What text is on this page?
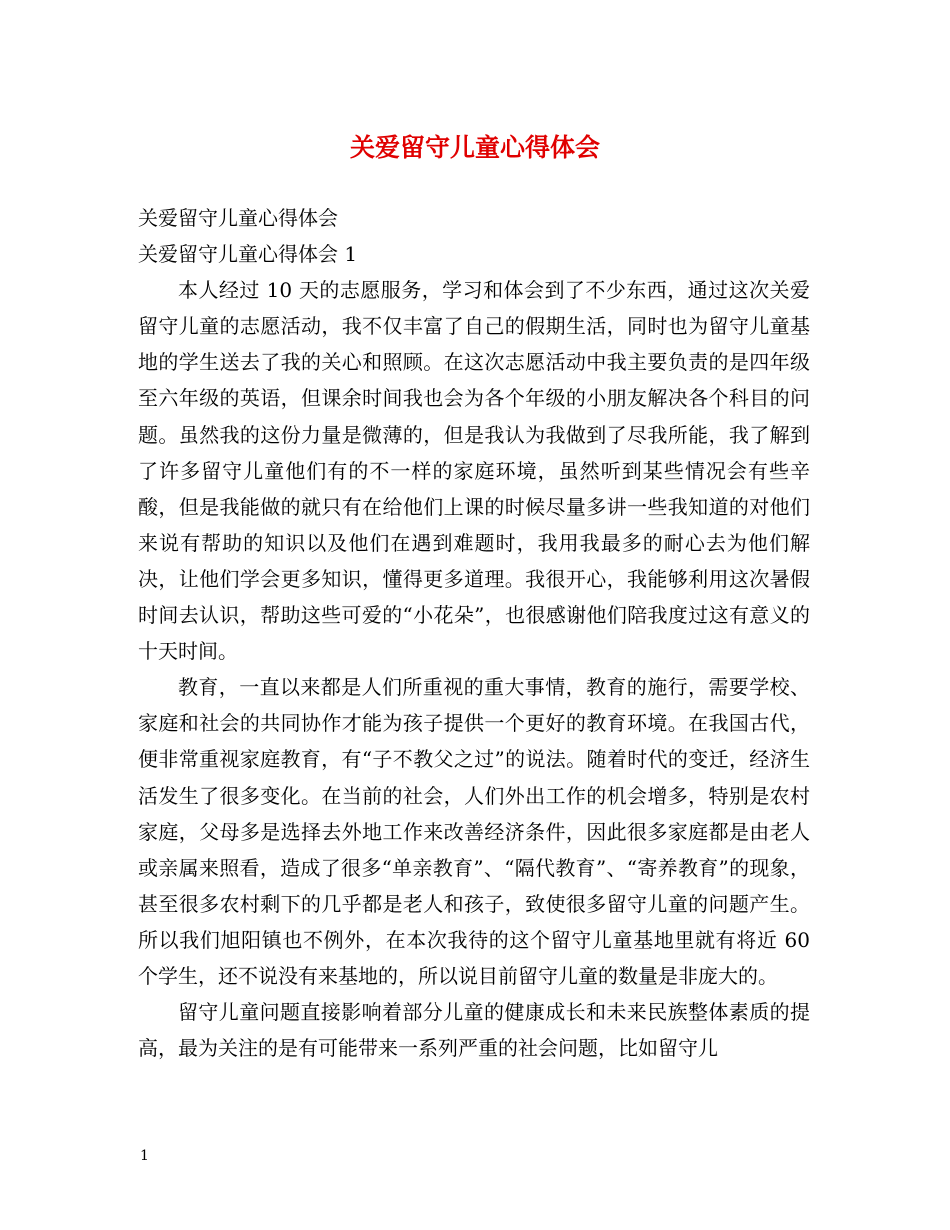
关爱留守儿童心得体会

关爱留守儿童心得体会

关爱留守儿童心得体会 1

本人经过 10 天的志愿服务，学习和体会到了不少东西，通过这次关爱留守儿童的志愿活动，我不仅丰富了自己的假期生活，同时也为留守儿童基地的学生送去了我的关心和照顾。在这次志愿活动中我主要负责的是四年级至六年级的英语，但课余时间我也会为各个年级的小朋友解决各个科目的问题。虽然我的这份力量是微薄的，但是我认为我做到了尽我所能，我了解到了许多留守儿童他们有的不一样的家庭环境，虽然听到某些情况会有些辛酸，但是我能做的就只有在给他们上课的时候尽量多讲一些我知道的对他们来说有帮助的知识以及他们在遇到难题时，我用我最多的耐心去为他们解决，让他们学会更多知识，懂得更多道理。我很开心，我能够利用这次暑假时间去认识，帮助这些可爱的“小花朵”，也很感谢他们陪我度过这有意义的十天时间。

教育，一直以来都是人们所重视的重大事情，教育的施行，需要学校、家庭和社会的共同协作才能为孩子提供一个更好的教育环境。在我国古代，便非常重视家庭教育，有“子不教父之过”的说法。随着时代的变迁，经济生活发生了很多变化。在当前的社会，人们外出工作的机会增多，特别是农村家庭，父母多是选择去外地工作来改善经济条件，因此很多家庭都是由老人或亲属来照看，造成了很多“单亲教育”、“隔代教育”、“寄养教育”的现象，甚至很多农村剩下的几乎都是老人和孩子，致使很多留守儿童的问题产生。所以我们旭阳镇也不例外，在本次我待的这个留守儿童基地里就有将近 60 个学生，还不说没有来基地的，所以说目前留守儿童的数量是非庞大的。

留守儿童问题直接影响着部分儿童的健康成长和未来民族整体素质的提高，最为关注的是有可能带来一系列严重的社会问题，比如留守儿

1
